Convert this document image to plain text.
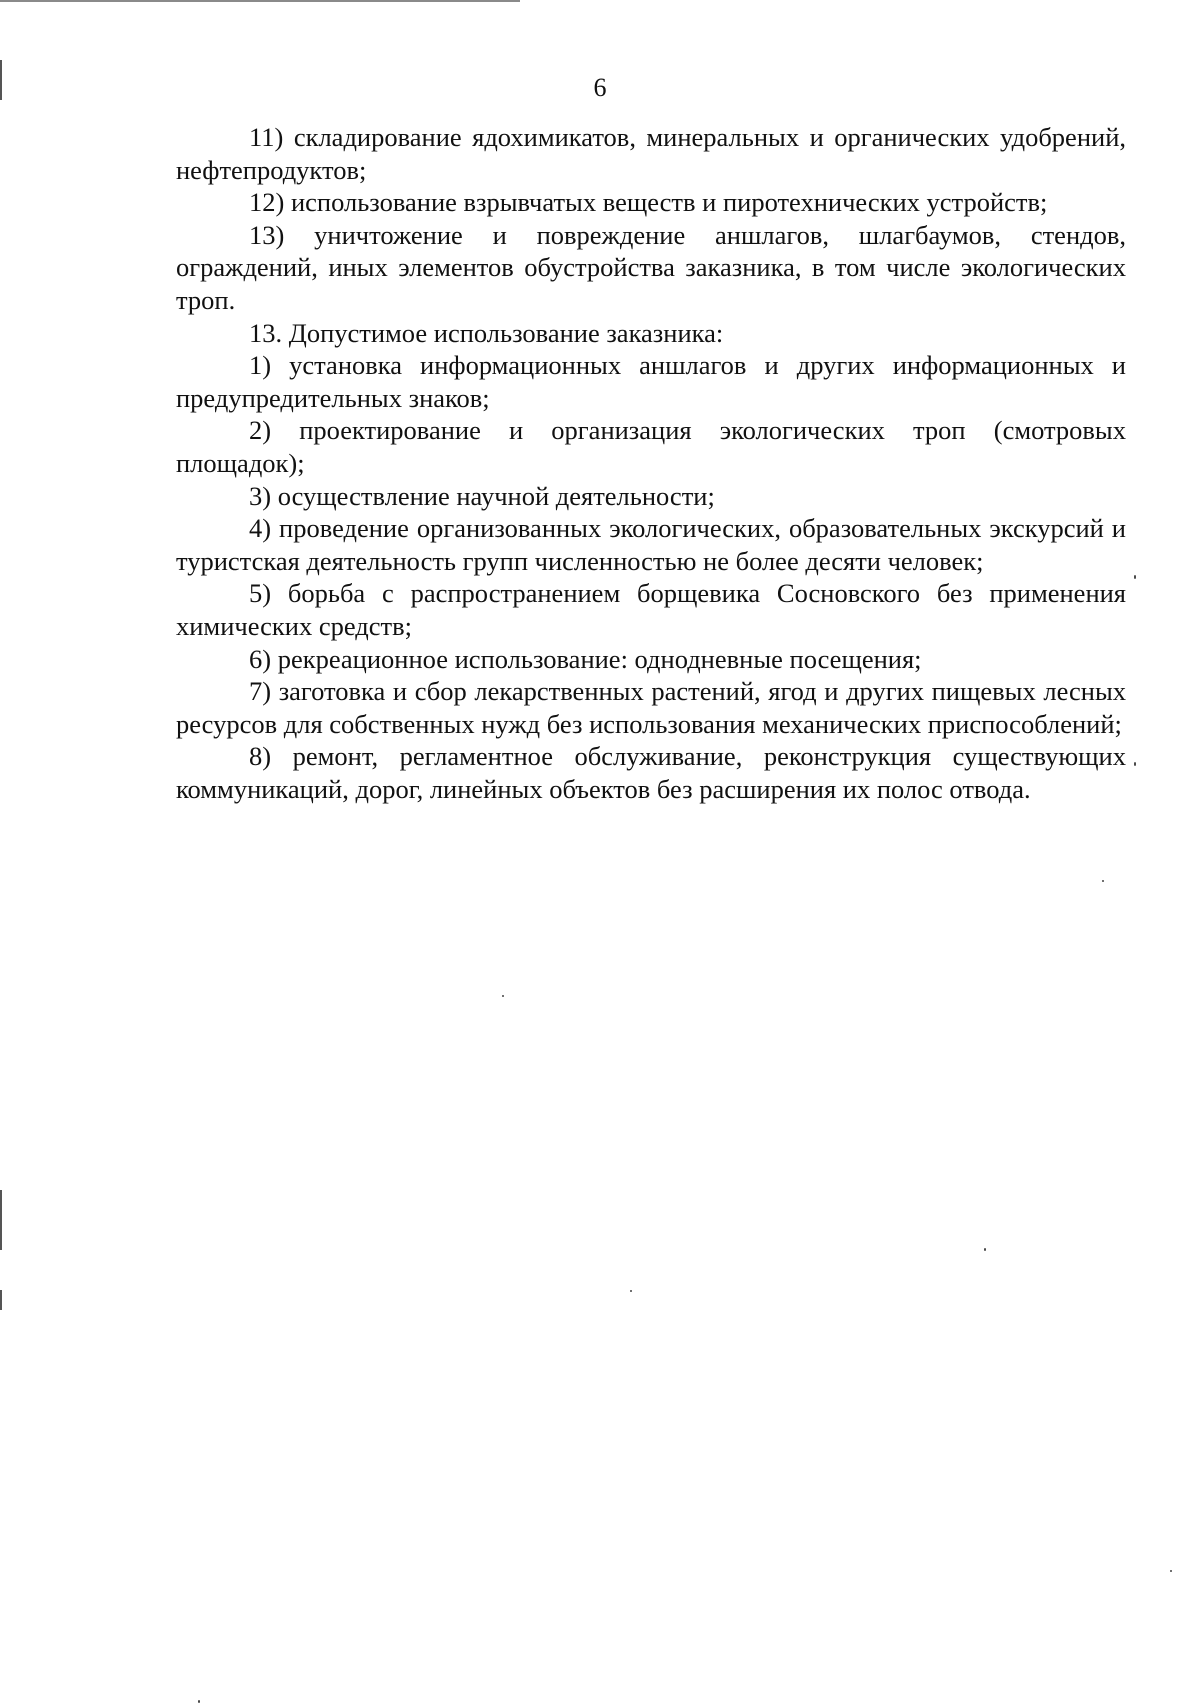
6

11) складирование ядохимикатов, минеральных и органических удобрений, нефтепродуктов;

12) использование взрывчатых веществ и пиротехнических устройств;

13) уничтожение и повреждение аншлагов, шлагбаумов, стендов, ограждений, иных элементов обустройства заказника, в том числе экологических троп.

13. Допустимое использование заказника:

1) установка информационных аншлагов и других информационных и предупредительных знаков;

2) проектирование и организация экологических троп (смотровых площадок);

3) осуществление научной деятельности;

4) проведение организованных экологических, образовательных экскурсий и туристская деятельность групп численностью не более десяти человек;

5) борьба с распространением борщевика Сосновского без применения химических средств;

6) рекреационное использование: однодневные посещения;

7) заготовка и сбор лекарственных растений, ягод и других пищевых лесных ресурсов для собственных нужд без использования механических приспособлений;

8) ремонт, регламентное обслуживание, реконструкция существующих коммуникаций, дорог, линейных объектов без расширения их полос отвода.
